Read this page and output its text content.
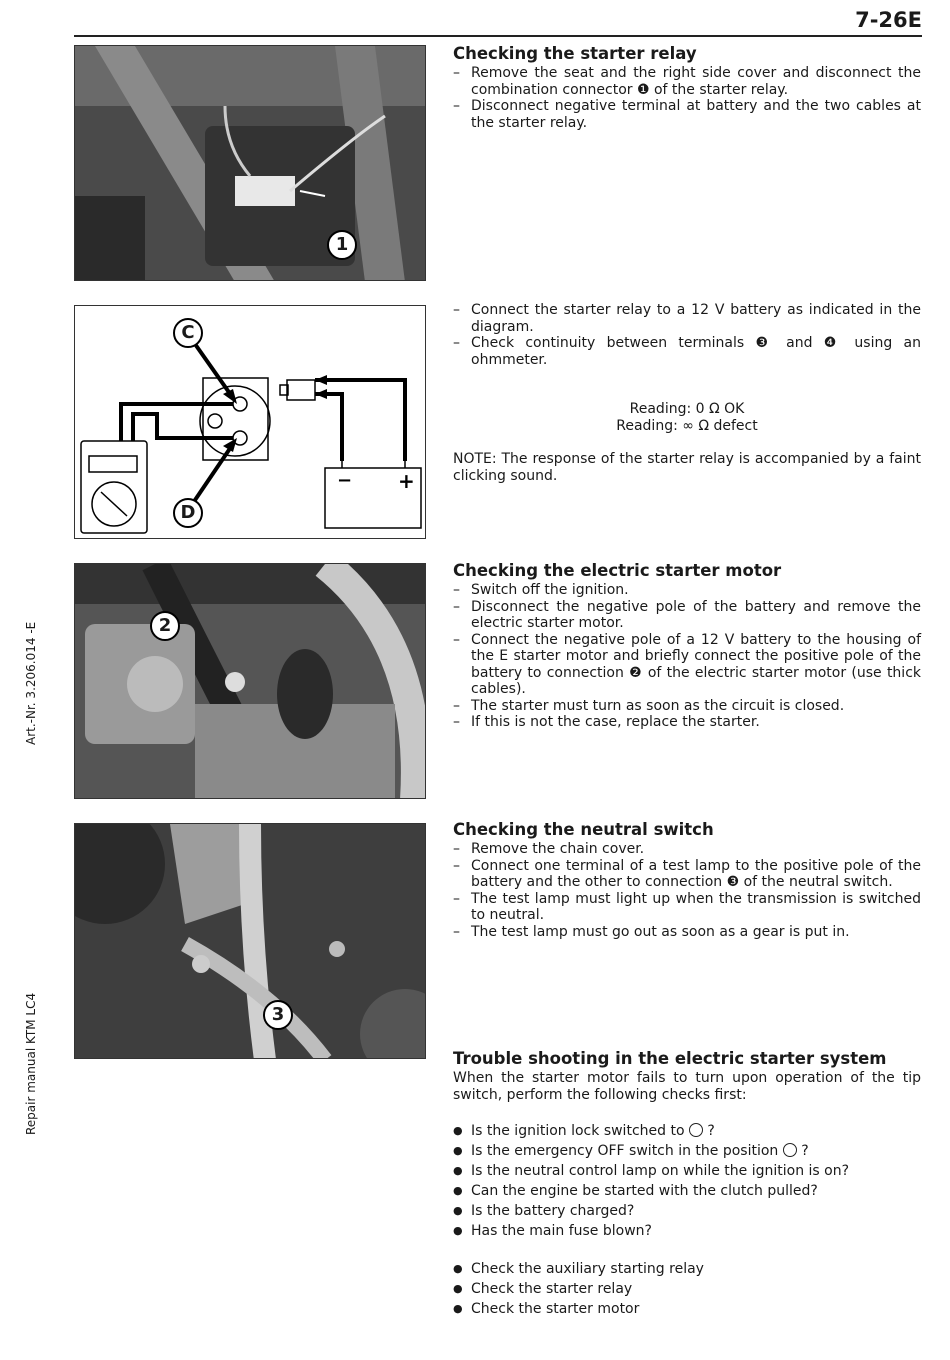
7-26E
Art.-Nr. 3.206.014 -E
Repair manual KTM LC4
1
Checking the starter relay
– Remove the seat and the right side cover and disconnect the combination connector ❶ of the starter relay.
– Disconnect negative terminal at battery and the two cables at the starter relay.
− +
C
D
– Connect the starter relay to a 12 V battery as indicated in the diagram.
– Check continuity between terminals ❸ and ❹ using an ohmmeter.

Reading: 0 Ω OK

Reading: ∞ Ω defect

NOTE: The response of the starter relay is accompanied by a faint clicking sound.

2
Checking the electric starter motor
– Switch off the ignition.
– Disconnect the negative pole of the battery and remove the electric starter motor.
– Connect the negative pole of a 12 V battery to the housing of the E starter motor and briefly connect the positive pole of the battery to connection ❷ of the electric starter motor (use thick cables).
– The starter must turn as soon as the circuit is closed.
– If this is not the case, replace the starter.
3
Checking the neutral switch
– Remove the chain cover.
– Connect one terminal of a test lamp to the positive pole of the battery and the other to connection ❸ of the neutral switch.
– The test lamp must light up when the transmission is switched to neutral.
– The test lamp must go out as soon as a gear is put in.
Trouble shooting in the electric starter system

When the starter motor fails to turn upon operation of the tip switch, perform the following checks first:

● Is the ignition lock switched to ?
● Is the emergency OFF switch in the position ?
● Is the neutral control lamp on while the ignition is on?
● Can the engine be started with the clutch pulled?
● Is the battery charged?
● Has the main fuse blown?
● Check the auxiliary starting relay
● Check the starter relay
● Check the starter motor
